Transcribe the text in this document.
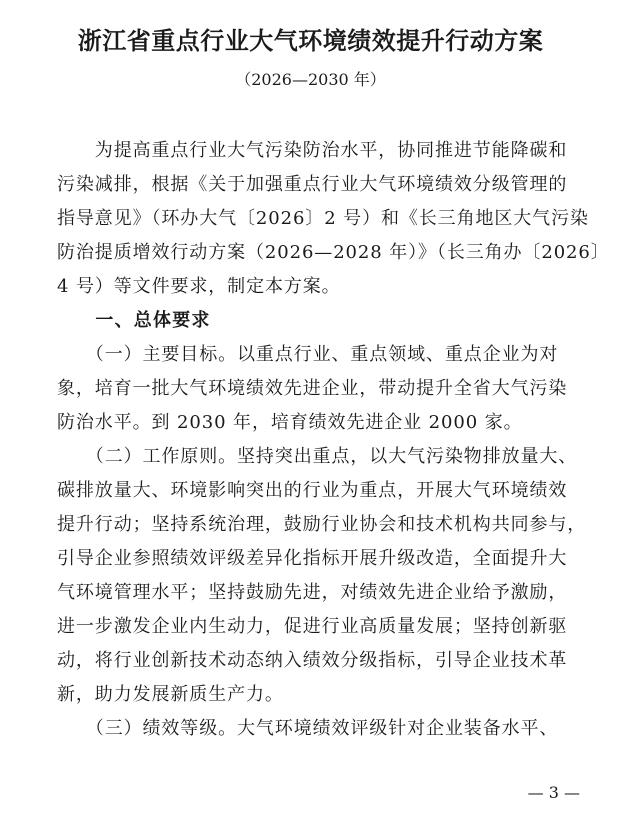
浙江省重点行业大气环境绩效提升行动方案
（2026—2030 年）
　　为提高重点行业大气污染防治水平，协同推进节能降碳和
污染减排，根据《关于加强重点行业大气环境绩效分级管理的
指导意见》（环办大气〔2026〕2 号）和《长三角地区大气污染
防治提质增效行动方案（2026—2028 年）》（长三角办〔2026〕
4 号）等文件要求，制定本方案。
　　一、总体要求
　　（一）主要目标。以重点行业、重点领域、重点企业为对
象，培育一批大气环境绩效先进企业，带动提升全省大气污染
防治水平。到 2030 年，培育绩效先进企业 2000 家。
　　（二）工作原则。坚持突出重点，以大气污染物排放量大、
碳排放量大、环境影响突出的行业为重点，开展大气环境绩效
提升行动；坚持系统治理，鼓励行业协会和技术机构共同参与，
引导企业参照绩效评级差异化指标开展升级改造，全面提升大
气环境管理水平；坚持鼓励先进，对绩效先进企业给予激励，
进一步激发企业内生动力，促进行业高质量发展；坚持创新驱
动，将行业创新技术动态纳入绩效分级指标，引导企业技术革
新，助力发展新质生产力。
　　（三）绩效等级。大气环境绩效评级针对企业装备水平、
— 3 —
